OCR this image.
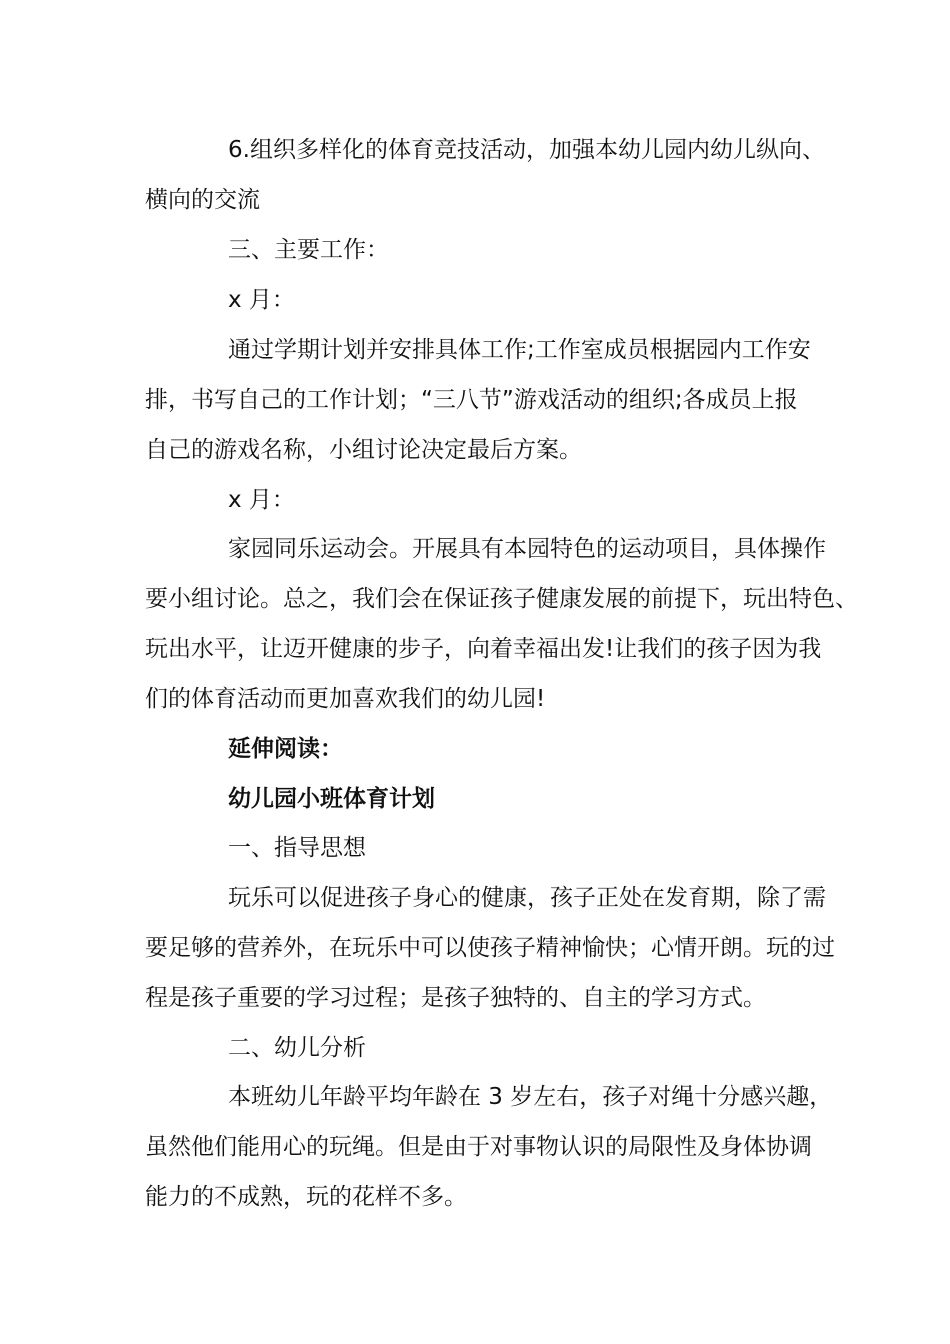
6.组织多样化的体育竞技活动，加强本幼儿园内幼儿纵向、
横向的交流
三、主要工作：
x 月：
通过学期计划并安排具体工作;工作室成员根据园内工作安
排，书写自己的工作计划；“三八节”游戏活动的组织;各成员上报
自己的游戏名称，小组讨论决定最后方案。
x 月：
家园同乐运动会。开展具有本园特色的运动项目，具体操作
要小组讨论。总之，我们会在保证孩子健康发展的前提下，玩出特色、
玩出水平，让迈开健康的步子，向着幸福出发!让我们的孩子因为我
们的体育活动而更加喜欢我们的幼儿园!
延伸阅读：
幼儿园小班体育计划
一、指导思想
玩乐可以促进孩子身心的健康，孩子正处在发育期，除了需
要足够的营养外，在玩乐中可以使孩子精神愉快；心情开朗。玩的过
程是孩子重要的学习过程；是孩子独特的、自主的学习方式。
二、幼儿分析
本班幼儿年龄平均年龄在 3 岁左右，孩子对绳十分感兴趣，
虽然他们能用心的玩绳。但是由于对事物认识的局限性及身体协调
能力的不成熟，玩的花样不多。
